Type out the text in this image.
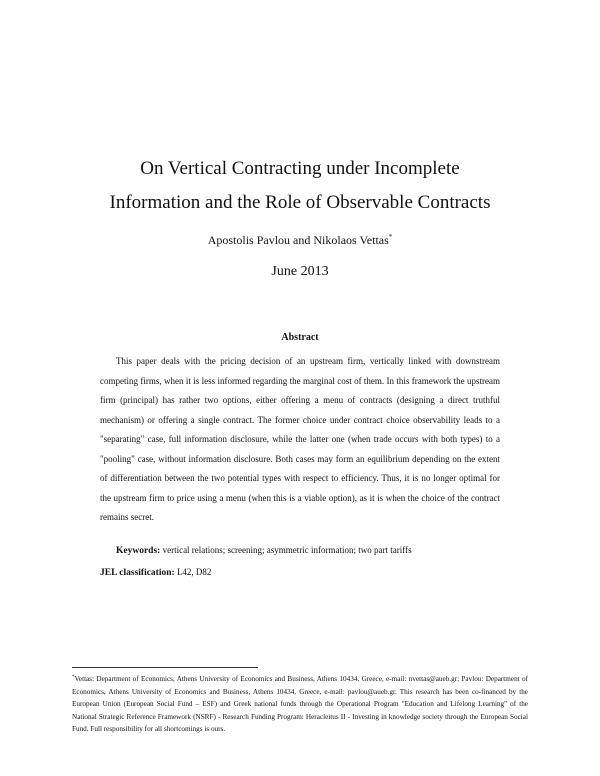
On Vertical Contracting under Incomplete
Information and the Role of Observable Contracts
Apostolis Pavlou and Nikolaos Vettas*
June 2013
Abstract

This paper deals with the pricing decision of an upstream firm, vertically linked with downstream competing firms, when it is less informed regarding the marginal cost of them. In this framework the upstream firm (principal) has rather two options, either offering a menu of contracts (designing a direct truthful mechanism) or offering a single contract. The former choice under contract choice observability leads to a "separating" case, full information disclosure, while the latter one (when trade occurs with both types) to a "pooling" case, without information disclosure. Both cases may form an equilibrium depending on the extent of differentiation between the two potential types with respect to efficiency. Thus, it is no longer optimal for the upstream firm to price using a menu (when this is a viable option), as it is when the choice of the contract remains secret.

Keywords: vertical relations; screening; asymmetric information; two part tariffs
JEL classification: L42, D82

*Vettas: Department of Economics, Athens University of Economics and Business, Athens 10434, Greece, e-mail: nvettas@aueb.gr; Pavlou: Department of Economics, Athens University of Economics and Business, Athens 10434, Greece, e-mail: pavlou@aueb.gr. This research has been co-financed by the European Union (European Social Fund – ESF) and Greek national funds through the Operational Program "Education and Lifelong Learning" of the National Strategic Reference Framework (NSRF) - Research Funding Program: Heracleitus II - Investing in knowledge society through the European Social Fund. Full responsibility for all shortcomings is ours.
